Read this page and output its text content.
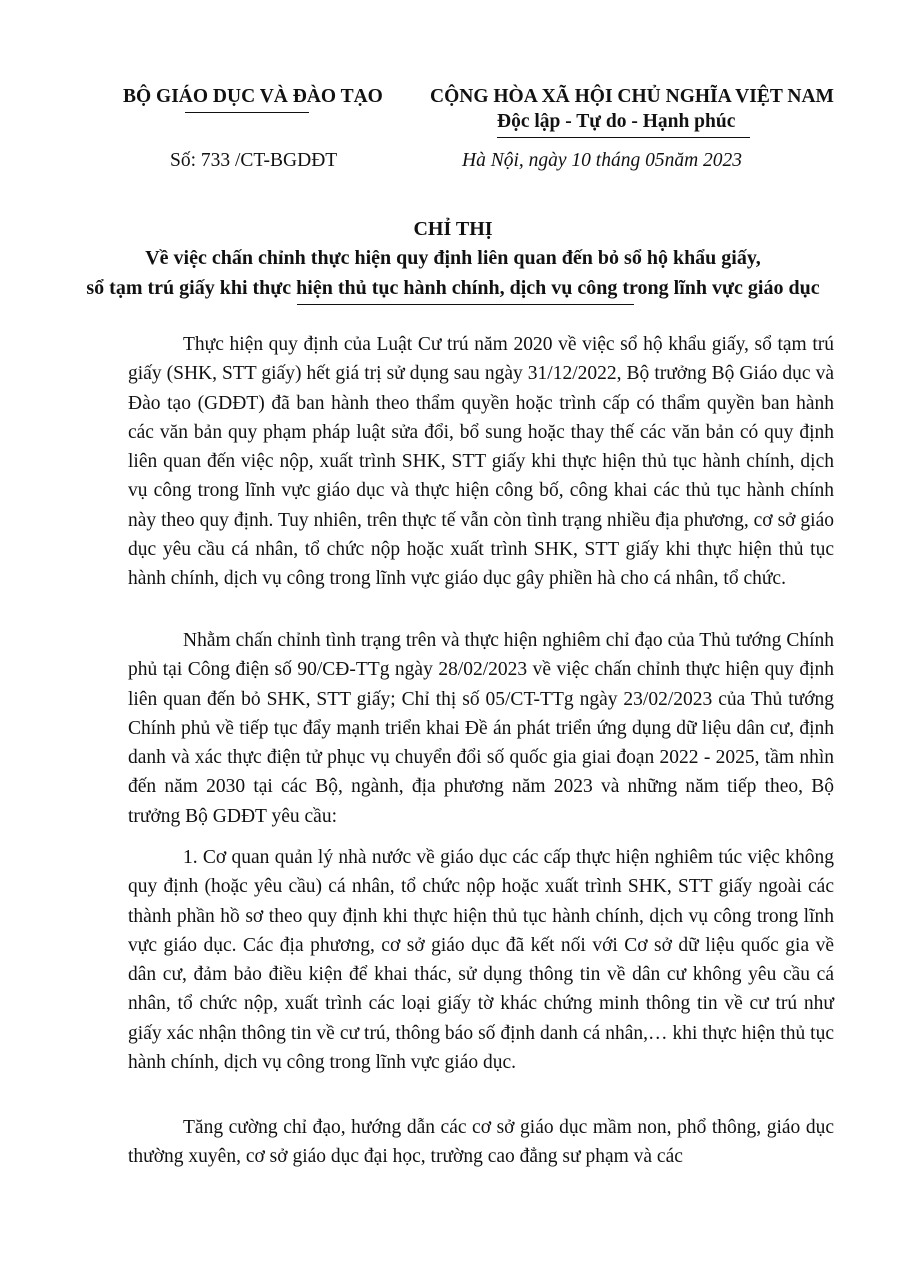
BỘ GIÁO DỤC VÀ ĐÀO TẠO CỘNG HÒA XÃ HỘI CHỦ NGHĨA VIỆT NAM
Độc lập - Tự do - Hạnh phúc
Số: 733 /CT-BGDĐT	Hà Nội, ngày 10 tháng 05năm 2023
CHỈ THỊ
Về việc chấn chỉnh thực hiện quy định liên quan đến bỏ sổ hộ khẩu giấy,
sổ tạm trú giấy khi thực hiện thủ tục hành chính, dịch vụ công trong lĩnh vực giáo dục

Thực hiện quy định của Luật Cư trú năm 2020 về việc sổ hộ khẩu giấy, sổ tạm trú giấy (SHK, STT giấy) hết giá trị sử dụng sau ngày 31/12/2022, Bộ trưởng Bộ Giáo dục và Đào tạo (GDĐT) đã ban hành theo thẩm quyền hoặc trình cấp có thẩm quyền ban hành các văn bản quy phạm pháp luật sửa đổi, bổ sung hoặc thay thế các văn bản có quy định liên quan đến việc nộp, xuất trình SHK, STT giấy khi thực hiện thủ tục hành chính, dịch vụ công trong lĩnh vực giáo dục và thực hiện công bố, công khai các thủ tục hành chính này theo quy định. Tuy nhiên, trên thực tế vẫn còn tình trạng nhiều địa phương, cơ sở giáo dục yêu cầu cá nhân, tổ chức nộp hoặc xuất trình SHK, STT giấy khi thực hiện thủ tục hành chính, dịch vụ công trong lĩnh vực giáo dục gây phiền hà cho cá nhân, tổ chức.

Nhằm chấn chỉnh tình trạng trên và thực hiện nghiêm chỉ đạo của Thủ tướng Chính phủ tại Công điện số 90/CĐ-TTg ngày 28/02/2023 về việc chấn chỉnh thực hiện quy định liên quan đến bỏ SHK, STT giấy; Chỉ thị số 05/CT-TTg ngày 23/02/2023 của Thủ tướng Chính phủ về tiếp tục đẩy mạnh triển khai Đề án phát triển ứng dụng dữ liệu dân cư, định danh và xác thực điện tử phục vụ chuyển đổi số quốc gia giai đoạn 2022 - 2025, tầm nhìn đến năm 2030 tại các Bộ, ngành, địa phương năm 2023 và những năm tiếp theo, Bộ trưởng Bộ GDĐT yêu cầu:

1. Cơ quan quản lý nhà nước về giáo dục các cấp thực hiện nghiêm túc việc không quy định (hoặc yêu cầu) cá nhân, tổ chức nộp hoặc xuất trình SHK, STT giấy ngoài các thành phần hồ sơ theo quy định khi thực hiện thủ tục hành chính, dịch vụ công trong lĩnh vực giáo dục. Các địa phương, cơ sở giáo dục đã kết nối với Cơ sở dữ liệu quốc gia về dân cư, đảm bảo điều kiện để khai thác, sử dụng thông tin về dân cư không yêu cầu cá nhân, tổ chức nộp, xuất trình các loại giấy tờ khác chứng minh thông tin về cư trú như giấy xác nhận thông tin về cư trú, thông báo số định danh cá nhân,… khi thực hiện thủ tục hành chính, dịch vụ công trong lĩnh vực giáo dục.

Tăng cường chỉ đạo, hướng dẫn các cơ sở giáo dục mầm non, phổ thông, giáo dục thường xuyên, cơ sở giáo dục đại học, trường cao đẳng sư phạm và các
